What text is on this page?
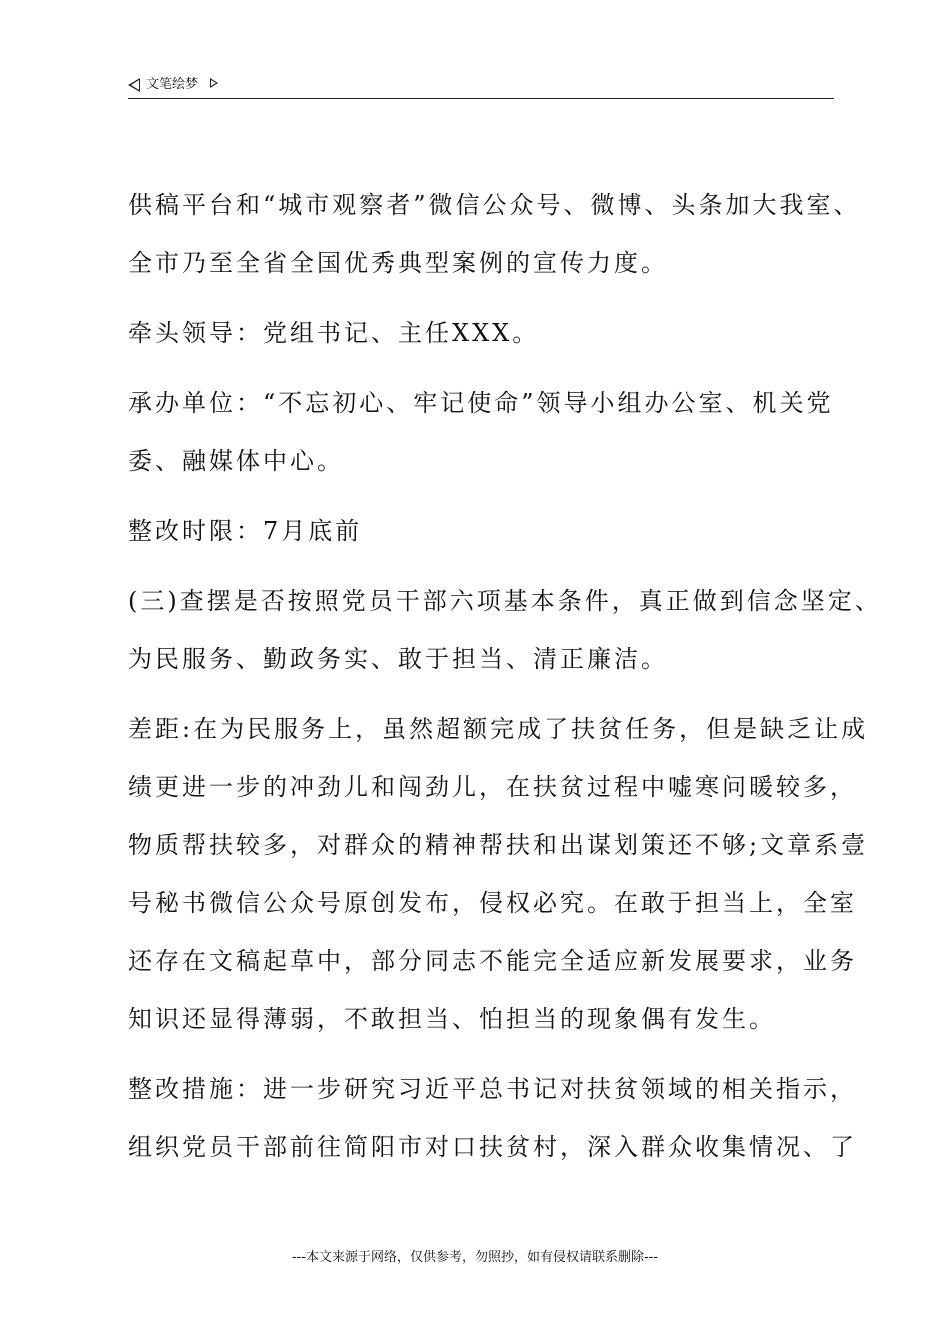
文笔绘梦
供稿平台和“城市观察者”微信公众号、微博、头条加大我室、
全市乃至全省全国优秀典型案例的宣传力度。
牵头领导：党组书记、主任XXX。
承办单位：“不忘初心、牢记使命”领导小组办公室、机关党
委、融媒体中心。
整改时限：7月底前
(三)查摆是否按照党员干部六项基本条件，真正做到信念坚定、
为民服务、勤政务实、敢于担当、清正廉洁。
差距:在为民服务上，虽然超额完成了扶贫任务，但是缺乏让成
绩更进一步的冲劲儿和闯劲儿，在扶贫过程中嘘寒问暖较多，
物质帮扶较多，对群众的精神帮扶和出谋划策还不够;文章系壹
号秘书微信公众号原创发布，侵权必究。在敢于担当上，全室
还存在文稿起草中，部分同志不能完全适应新发展要求，业务
知识还显得薄弱，不敢担当、怕担当的现象偶有发生。
整改措施：进一步研究习近平总书记对扶贫领域的相关指示，
组织党员干部前往简阳市对口扶贫村，深入群众收集情况、了
---本文来源于网络，仅供参考，勿照抄，如有侵权请联系删除---
